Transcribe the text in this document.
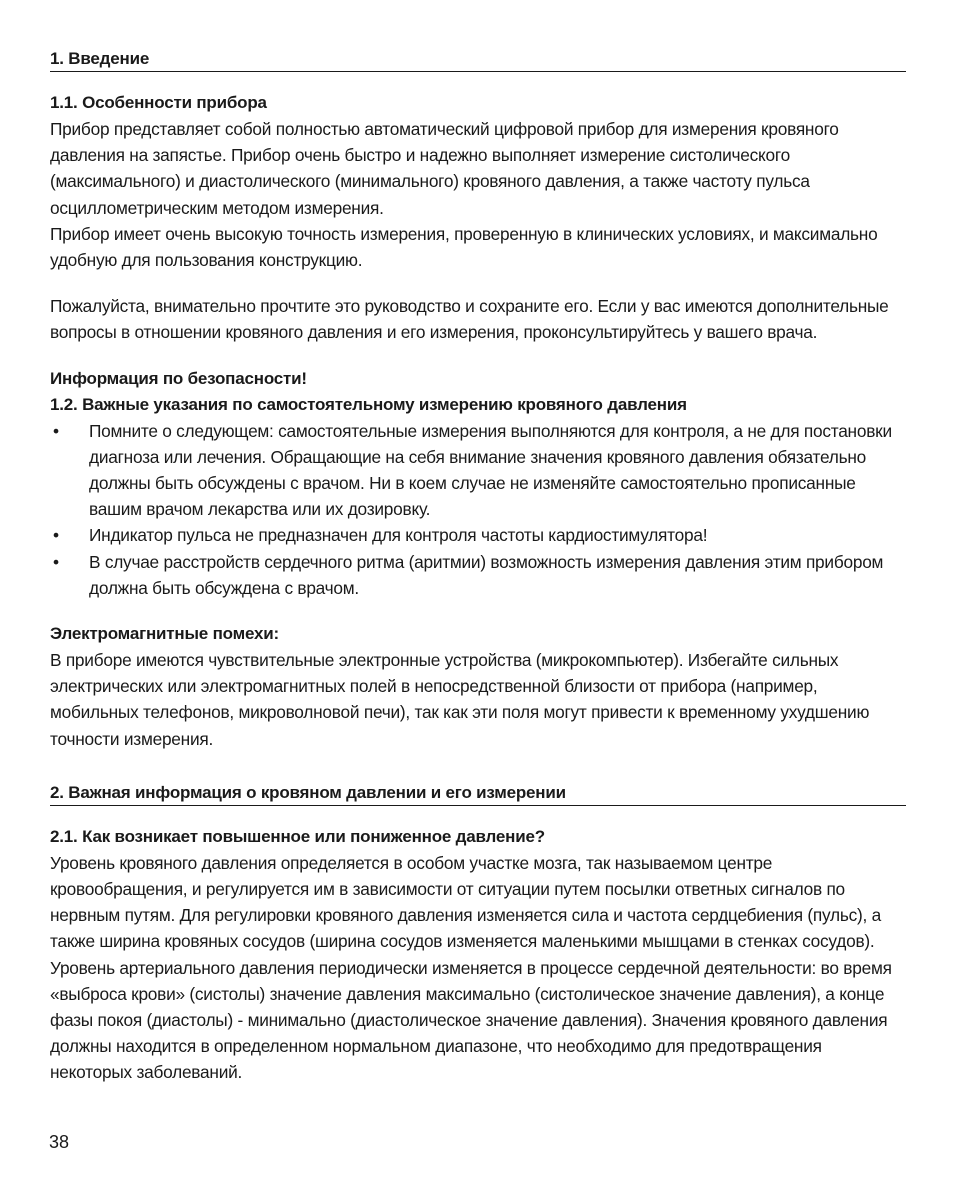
1. Введение
1.1. Особенности прибора

Прибор представляет собой полностью автоматический цифровой прибор для измерения кровяного давления на запястье. Прибор очень быстро и надежно выполняет измерение систолического (максимального) и диастолического (минимального) кровяного давления, а также частоту пульса осциллометрическим методом измерения.

Прибор имеет очень высокую точность измерения, проверенную в клинических условиях, и максимально удобную для пользования конструкцию.

Пожалуйста, внимательно прочтите это руководство и сохраните его. Если у вас имеются дополнительные вопросы в отношении кровяного давления и его измерения, проконсультируйтесь у вашего врача.

Информация по безопасности!
1.2. Важные указания по самостоятельному измерению кровяного давления
• Помните о следующем: самостоятельные измерения выполняются для контроля, а не для постановки диагноза или лечения. Обращающие на себя внимание значения кровяного давления обязательно должны быть обсуждены с врачом. Ни в коем случае не изменяйте самостоятельно прописанные вашим врачом лекарства или их дозировку.
• Индикатор пульса не предназначен для контроля частоты кардиостимулятора!
• В случае расстройств сердечного ритма (аритмии) возможность измерения давления этим прибором должна быть обсуждена с врачом.
Электромагнитные помехи:

В приборе имеются чувствительные электронные устройства (микрокомпьютер). Избегайте сильных электрических или электромагнитных полей в непосредственной близости от прибора (например, мобильных телефонов, микроволновой печи), так как эти поля могут привести к временному ухудшению точности измерения.

2. Важная информация о кровяном давлении и его измерении
2.1. Как возникает повышенное или пониженное давление?

Уровень кровяного давления определяется в особом участке мозга, так называемом центре кровообращения, и регулируется им в зависимости от ситуации путем посылки ответных сигналов по нервным путям. Для регулировки кровяного давления изменяется сила и частота сердцебиения (пульс), а также ширина кровяных сосудов (ширина сосудов изменяется маленькими мышцами в стенках сосудов).

Уровень артериального давления периодически изменяется в процессе сердечной деятельности: во время «выброса крови» (систолы) значение давления максимально (систолическое значение давления), а конце фазы покоя (диастолы) - минимально (диастолическое значение давления). Значения кровяного давления должны находится в определенном нормальном диапазоне, что необходимо для предотвращения некоторых заболеваний.

38
